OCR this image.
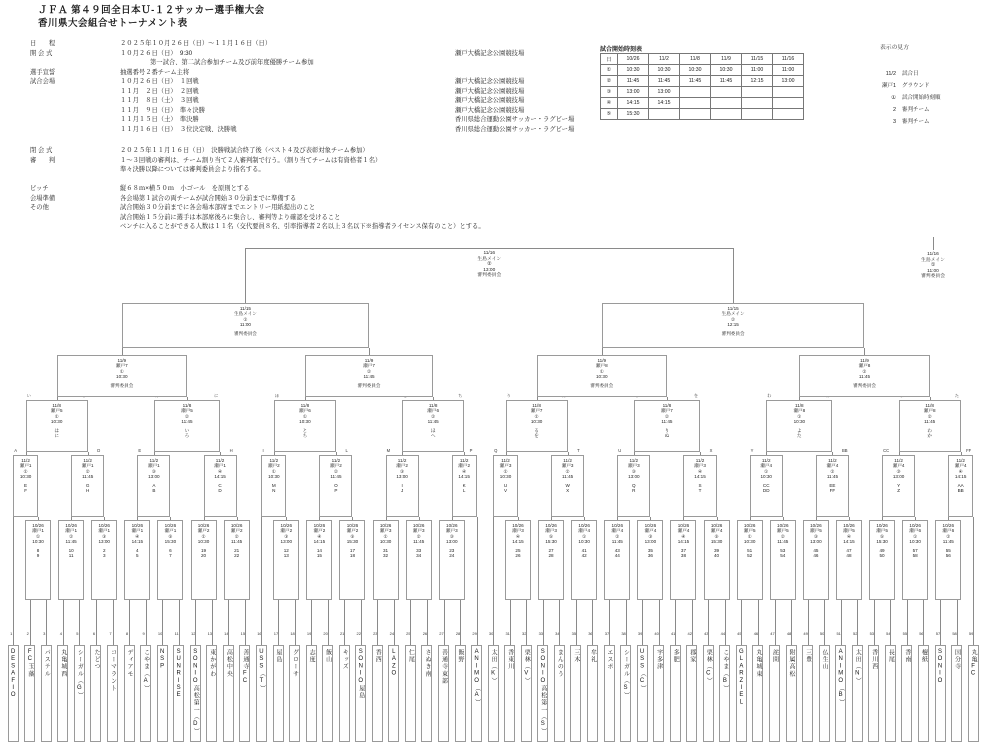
ＪＦＡ 第４９回全日本Ｕ-１２サッカー選手権大会
香川県大会組合せトーナメント表
日　　程	２０２５年１０月２６日（日）～１１月１６日（日）
開 会 式	１０月２６日（日）　9:30	瀬戸大橋記念公園競技場
第一試合、第二試合参加チーム及び前年度優勝チーム参加
選手宣誓	抽選番号２番チーム主将
試合会場	１０月２６日（日）　１回戦	瀬戸大橋記念公園競技場
１１月　２日（日）　２回戦	瀬戸大橋記念公園競技場
１１月　８日（土）　３回戦	瀬戸大橋記念公園競技場
１１月　９日（日）　準々決勝	瀬戸大橋記念公園競技場
１１月１５日（土）　準決勝	香川県総合運動公園サッカー・ラグビー場
１１月１６日（日）　３位決定戦、決勝戦	香川県総合運動公園サッカー・ラグビー場
閉 会 式	２０２５年１１月１６日（日）　決勝戦試合終了後（ベスト４及び表彰対象チーム参加）
審　　判	１～３回戦の審判は、チーム割り当て２人審判制で行う。（割り当てチームは有資格者１名）
準々決勝以降については審判委員会より指名する。
ピッチ	縦６８ｍ×横５０ｍ　小ゴール　を原則とする
会場準備	各会場第１試合の両チームが試合開始３０分前までに準備する
その他	試合開始３０分前までに各会場本部席までエントリー用紙提出のこと
試合開始１５分前に選手は本部席後ろに集合し、審判等より確認を受けること
ベンチに入ることができる人数は１１名（交代要員８名、引率指導者２名以上３名以下※指導者ライセンス保有のこと）とする。
試合開始時刻表
日	10/26	11/2	11/8	11/9	11/15	11/16
①	10:30	10:30	10:30	10:30	11:00	11:00
②	11:45	11:45	11:45	11:45	12:15	13:00
③	13:00	13:00				
④	14:15	14:15				
⑤	15:30					
表示の見方
11/2 試合日
瀬戸1 グラウンド
① 試合開始時刻順
2 審判チーム
3 審判チーム
1
DESAFIO
2
FC玉藻
3
パステル
4
丸亀城西
5
シーガル（G）
6
たどつ
7
コーマラント
8
ディアモ
9
こやま（A）
10
NSP
11
SUNRISE
12
SONIO高松第一（D）
13
東かがわ
14
高松中央
15
善通寺FC
16
USS（T）
17
屋島
18
グローサ
19
志度
20
飯山
21
キッズ
22
SONIO屋島
23
香西
24
LAZO
25
仁尾
26
さぬき南
27
善通寺東部
28
飯野
29
ANIMO（A）
30
太田（K）
31
香東川
32
栗林（V）
33
SONIO高松第一（S）
34
まんのう
35
三木
36
牟礼
37
エスポ
38
シーガル（S）
39
USS（C）
40
宇多津
41
多肥
42
郡家
43
栗林（C）
44
こやま（B）
45
GLARZIEL
46
丸亀城東
47
詫間
48
附属高松
49
三豊
50
仏生山
51
ANIMO（B）
52
太田（N）
53
香川西
54
長尾
55
香南
56
檀紙
57
SONIO
58
国分寺
59
丸亀FC
10/26
瀬戸1
①
10:30
8
9
10/26
瀬戸1
②
11:45
10
11
10/26
瀬戸1
③
13:00
2
3
10/26
瀬戸1
④
14:15
4
5
10/26
瀬戸1
⑤
15:30
6
7
10/26
瀬戸2
①
10:30
19
20
10/26
瀬戸2
②
11:45
21
22
10/26
瀬戸2
③
13:00
12
13
10/26
瀬戸2
④
14:15
14
15
10/26
瀬戸2
⑤
15:30
17
18
10/26
瀬戸3
①
10:30
31
32
10/26
瀬戸3
②
11:45
33
34
10/26
瀬戸3
③
13:00
23
24
10/26
瀬戸3
④
14:15
25
26
10/26
瀬戸3
⑤
15:30
27
28
10/26
瀬戸4
①
10:30
41
42
10/26
瀬戸4
②
11:45
43
44
10/26
瀬戸4
③
13:00
35
36
10/26
瀬戸4
④
14:15
37
38
10/26
瀬戸4
⑤
15:30
39
40
10/26
瀬戸5
①
10:30
51
52
10/26
瀬戸5
②
11:45
53
54
10/26
瀬戸5
③
13:00
45
46
10/26
瀬戸5
④
14:15
47
48
10/26
瀬戸5
⑤
15:30
49
50
10/26
瀬戸6
①
10:30
57
58
10/26
瀬戸6
②
11:45
55
56
11/2
瀬戸1
①
10:30
E
F
A
11/2
瀬戸1
②
11:45
G
H
D
11/2
瀬戸1
③
13:00
A
B
E
11/2
瀬戸1
④
14:15
C
D
H
11/2
瀬戸2
①
10:30
M
N
I
11/2
瀬戸2
②
11:45
O
P
L
11/2
瀬戸2
③
13:00
I
J
M
11/2
瀬戸2
④
14:15
K
L
P
11/2
瀬戸3
①
10:30
U
V
Q
11/2
瀬戸3
②
11:45
W
X
T
11/2
瀬戸3
③
13:00
Q
R
U
11/2
瀬戸3
④
14:15
S
T
X
11/2
瀬戸4
①
10:30
CC
DD
Y
11/2
瀬戸4
②
11:45
EE
FF
BB
11/2
瀬戸4
③
13:00
Y
Z
CC
11/2
瀬戸4
④
14:15
AA
BB
FF
11/8
瀬戸5
①
10:30
は
に
い
11/8
瀬戸5
②
11:45
い
ろ
に
11/8
瀬戸6
①
10:30
と
ち
ほ
11/8
瀬戸6
②
11:45
ほ
へ
ち
11/8
瀬戸7
①
10:30
る
を
り
11/8
瀬戸7
②
11:45
り
ぬ
を
11/8
瀬戸8
①
10:30
よ
た
わ
11/8
瀬戸8
②
11:45
わ
か
た
11/9
瀬戸7
①
10:30
審判委員会
11/9
瀬戸7
②
11:45
審判委員会
11/9
瀬戸8
①
10:30
審判委員会
11/9
瀬戸8
②
11:45
審判委員会
11/15
生島メイン
①
11:00
審判委員会
11/15
生島メイン
②
12:15
審判委員会
11/16
生島メイン
②
13:00
審判委員会
11/16
生島メイン
①
11:00
審判委員会
